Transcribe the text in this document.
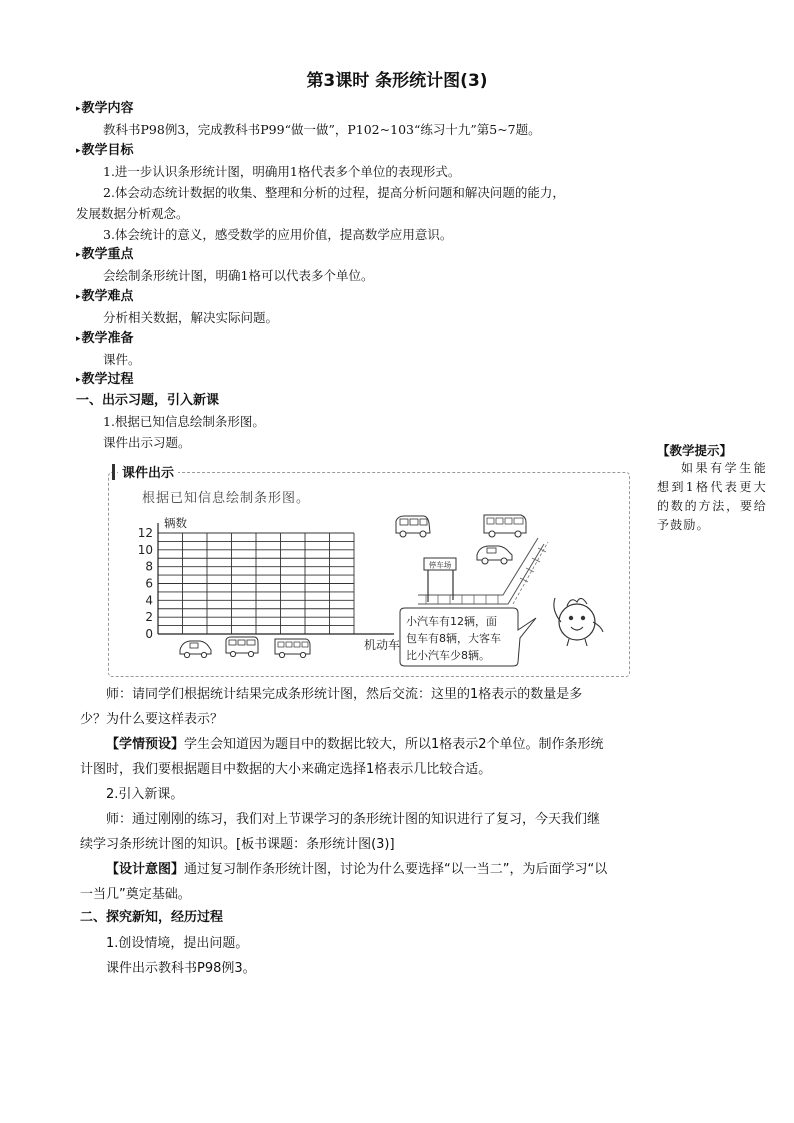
第3课时 条形统计图(3)
▸教学内容
教科书P98例3，完成教科书P99“做一做”，P102~103“练习十九”第5~7题。
▸教学目标
1.进一步认识条形统计图，明确用1格代表多个单位的表现形式。
2.体会动态统计数据的收集、整理和分析的过程，提高分析问题和解决问题的能力，
发展数据分析观念。
3.体会统计的意义，感受数学的应用价值，提高数学应用意识。
▸教学重点
会绘制条形统计图，明确1格可以代表多个单位。
▸教学难点
分析相关数据，解决实际问题。
▸教学准备
课件。
▸教学过程
一、出示习题，引入新课
1.根据已知信息绘制条形图。
课件出示习题。
【教学提示】
如果有学生能想到1格代表更大的数的方法，要给予鼓励。
课件出示
根据已知信息绘制条形图。
0
2
4
6
8
10
12
辆数
机动车
停车场
小汽车有12辆，面
包车有8辆，大客车
比小汽车少8辆。
师：请同学们根据统计结果完成条形统计图，然后交流：这里的1格表示的数量是多少？为什么要这样表示？
【学情预设】学生会知道因为题目中的数据比较大，所以1格表示2个单位。制作条形统计图时，我们要根据题目中数据的大小来确定选择1格表示几比较合适。
2.引入新课。
师：通过刚刚的练习，我们对上节课学习的条形统计图的知识进行了复习，今天我们继续学习条形统计图的知识。[板书课题：条形统计图(3)]
【设计意图】通过复习制作条形统计图，讨论为什么要选择“以一当二”，为后面学习“以一当几”奠定基础。
二、探究新知，经历过程
1.创设情境，提出问题。
课件出示教科书P98例3。
